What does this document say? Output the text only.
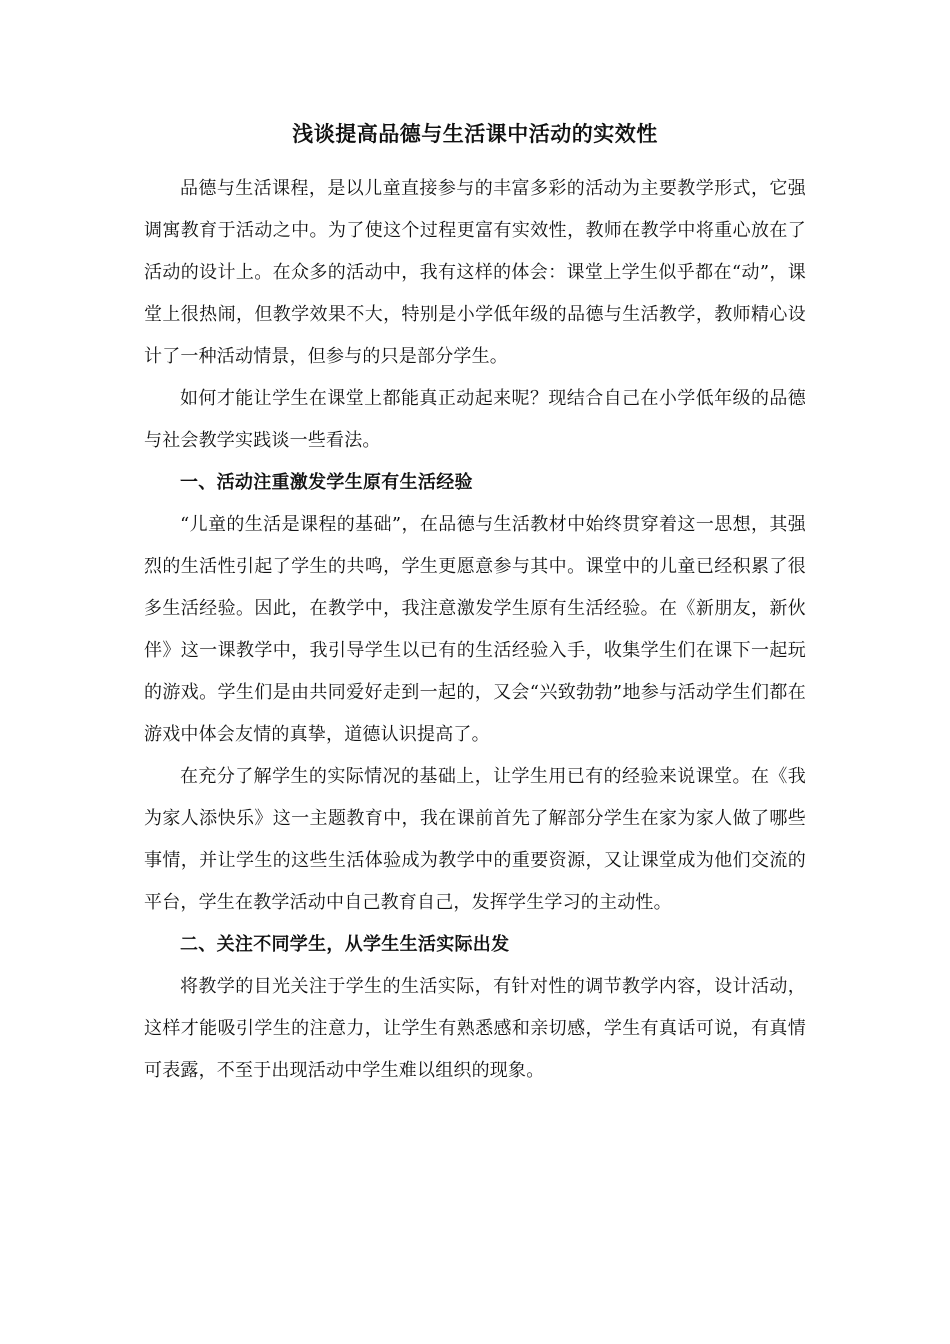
浅谈提高品德与生活课中活动的实效性

品德与生活课程，是以儿童直接参与的丰富多彩的活动为主要教学形式，它强调寓教育于活动之中。为了使这个过程更富有实效性，教师在教学中将重心放在了活动的设计上。在众多的活动中，我有这样的体会：课堂上学生似乎都在“动”，课堂上很热闹，但教学效果不大，特别是小学低年级的品德与生活教学，教师精心设计了一种活动情景，但参与的只是部分学生。

如何才能让学生在课堂上都能真正动起来呢？现结合自己在小学低年级的品德与社会教学实践谈一些看法。

一、活动注重激发学生原有生活经验

“儿童的生活是课程的基础”，在品德与生活教材中始终贯穿着这一思想，其强烈的生活性引起了学生的共鸣，学生更愿意参与其中。课堂中的儿童已经积累了很多生活经验。因此，在教学中，我注意激发学生原有生活经验。在《新朋友，新伙伴》这一课教学中，我引导学生以已有的生活经验入手，收集学生们在课下一起玩的游戏。学生们是由共同爱好走到一起的，又会“兴致勃勃”地参与活动学生们都在游戏中体会友情的真挚，道德认识提高了。

在充分了解学生的实际情况的基础上，让学生用已有的经验来说课堂。在《我为家人添快乐》这一主题教育中，我在课前首先了解部分学生在家为家人做了哪些事情，并让学生的这些生活体验成为教学中的重要资源，又让课堂成为他们交流的平台，学生在教学活动中自己教育自己，发挥学生学习的主动性。

二、关注不同学生，从学生生活实际出发

将教学的目光关注于学生的生活实际，有针对性的调节教学内容，设计活动，这样才能吸引学生的注意力，让学生有熟悉感和亲切感，学生有真话可说，有真情可表露，不至于出现活动中学生难以组织的现象。
